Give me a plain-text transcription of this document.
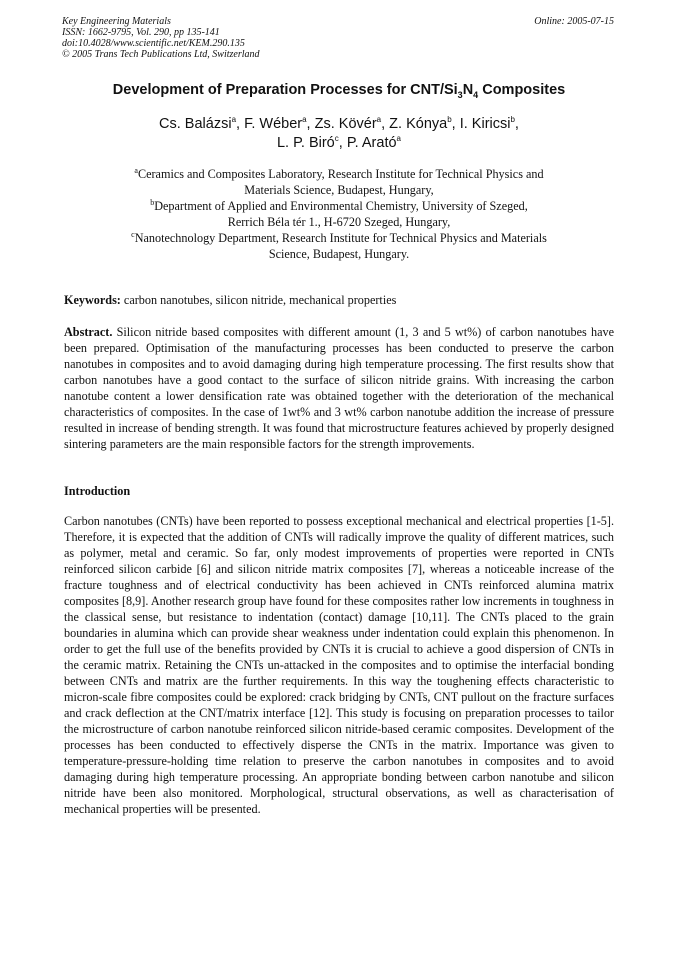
Key Engineering Materials
ISSN: 1662-9795, Vol. 290, pp 135-141
doi:10.4028/www.scientific.net/KEM.290.135
© 2005 Trans Tech Publications Ltd, Switzerland
Online: 2005-07-15
Development of Preparation Processes for CNT/$Si_3N_4$ Composites
Cs. Balázsi$^a$, F. Wéber$^a$, Zs. Kövér$^a$, Z. Kónya$^b$, I. Kiricsi$^b$,
L. P. Biró$^c$, P. Arató$^a$
$^a$Ceramics and Composites Laboratory, Research Institute for Technical Physics and
Materials Science, Budapest, Hungary,
$^b$Department of Applied and Environmental Chemistry, University of Szeged,
Rerrich Béla tér 1., H-6720 Szeged, Hungary,
$^c$Nanotechnology Department, Research Institute for Technical Physics and Materials
Science, Budapest, Hungary.
Keywords: carbon nanotubes, silicon nitride, mechanical properties

Abstract. Silicon nitride based composites with different amount (1, 3 and 5 wt%) of carbon nanotubes have been prepared. Optimisation of the manufacturing processes has been conducted to preserve the carbon nanotubes in composites and to avoid damaging during high temperature processing. The first results show that carbon nanotubes have a good contact to the surface of silicon nitride grains. With increasing the carbon nanotube content a lower densification rate was obtained together with the deterioration of the mechanical characteristics of composites. In the case of 1wt% and 3 wt% carbon nanotube addition the increase of pressure resulted in increase of bending strength. It was found that microstructure features achieved by properly designed sintering parameters are the main responsible factors for the strength improvements.

Introduction

Carbon nanotubes (CNTs) have been reported to possess exceptional mechanical and electrical properties [1-5]. Therefore, it is expected that the addition of CNTs will radically improve the quality of different matrices, such as polymer, metal and ceramic. So far, only modest improvements of properties were reported in CNTs reinforced silicon carbide [6] and silicon nitride matrix composites [7], whereas a noticeable increase of the fracture toughness and of electrical conductivity has been achieved in CNTs reinforced alumina matrix composites [8,9]. Another research group have found for these composites rather low increments in toughness in the classical sense, but resistance to indentation (contact) damage [10,11]. The CNTs placed to the grain boundaries in alumina which can provide shear weakness under indentation could explain this phenomenon. In order to get the full use of the benefits provided by CNTs it is crucial to achieve a good dispersion of CNTs in the ceramic matrix. Retaining the CNTs un-attacked in the composites and to optimise the interfacial bonding between CNTs and matrix are the further requirements. In this way the toughening effects characteristic to micron-scale fibre composites could be explored: crack bridging by CNTs, CNT pullout on the fracture surfaces and crack deflection at the CNT/matrix interface [12]. This study is focusing on preparation processes to tailor the microstructure of carbon nanotube reinforced silicon nitride-based ceramic composites. Development of the processes has been conducted to effectively disperse the CNTs in the matrix. Importance was given to temperature-pressure-holding time relation to preserve the carbon nanotubes in composites and to avoid damaging during high temperature processing. An appropriate bonding between carbon nanotube and silicon nitride have been also monitored. Morphological, structural observations, as well as characterisation of mechanical properties will be presented.
